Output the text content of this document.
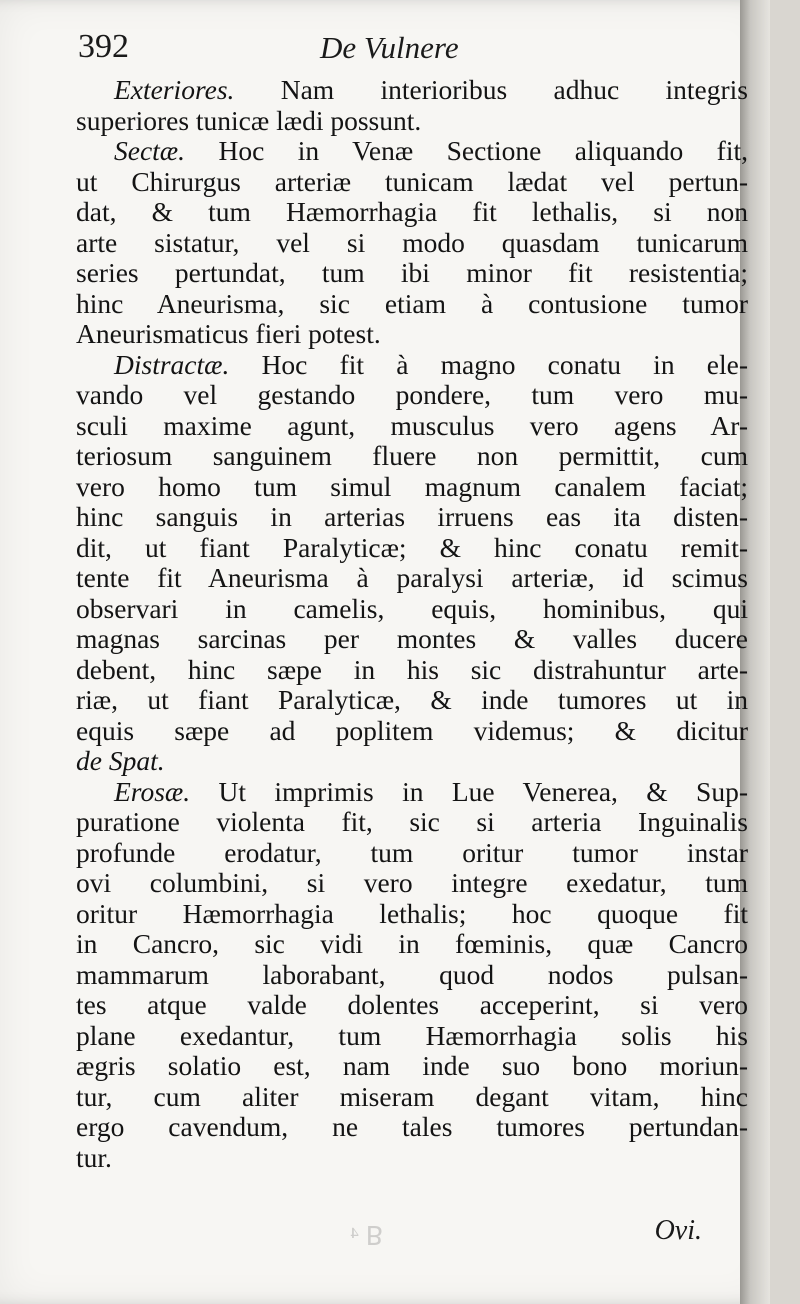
392	De Vulnere
Exteriores. Nam interioribus adhuc integris
superiores tunicæ lædi possunt.
Sectæ. Hoc in Venæ Sectione aliquando fit,
ut Chirurgus arteriæ tunicam lædat vel pertun-
dat, & tum Hæmorrhagia fit lethalis, si non
arte sistatur, vel si modo quasdam tunicarum
series pertundat, tum ibi minor fit resistentia;
hinc Aneurisma, sic etiam à contusione tumor
Aneurismaticus fieri potest.
Distractæ. Hoc fit à magno conatu in ele-
vando vel gestando pondere, tum vero mu-
sculi maxime agunt, musculus vero agens Ar-
teriosum sanguinem fluere non permittit, cum
vero homo tum simul magnum canalem faciat;
hinc sanguis in arterias irruens eas ita disten-
dit, ut fiant Paralyticæ; & hinc conatu remit-
tente fit Aneurisma à paralysi arteriæ, id scimus
observari in camelis, equis, hominibus, qui
magnas sarcinas per montes & valles ducere
debent, hinc sæpe in his sic distrahuntur arte-
riæ, ut fiant Paralyticæ, & inde tumores ut in
equis sæpe ad poplitem videmus; & dicitur
de Spat.
Erosæ. Ut imprimis in Lue Venerea, & Sup-
puratione violenta fit, sic si arteria Inguinalis
profunde erodatur, tum oritur tumor instar
ovi columbini, si vero integre exedatur, tum
oritur Hæmorrhagia lethalis; hoc quoque fit
in Cancro, sic vidi in fœminis, quæ Cancro
mammarum laborabant, quod nodos pulsan-
tes atque valde dolentes acceperint, si vero
plane exedantur, tum Hæmorrhagia solis his
ægris solatio est, nam inde suo bono moriun-
tur, cum aliter miseram degant vitam, hinc
ergo cavendum, ne tales tumores pertundan-
tur.
Ovi.
ꓭ ⁴
